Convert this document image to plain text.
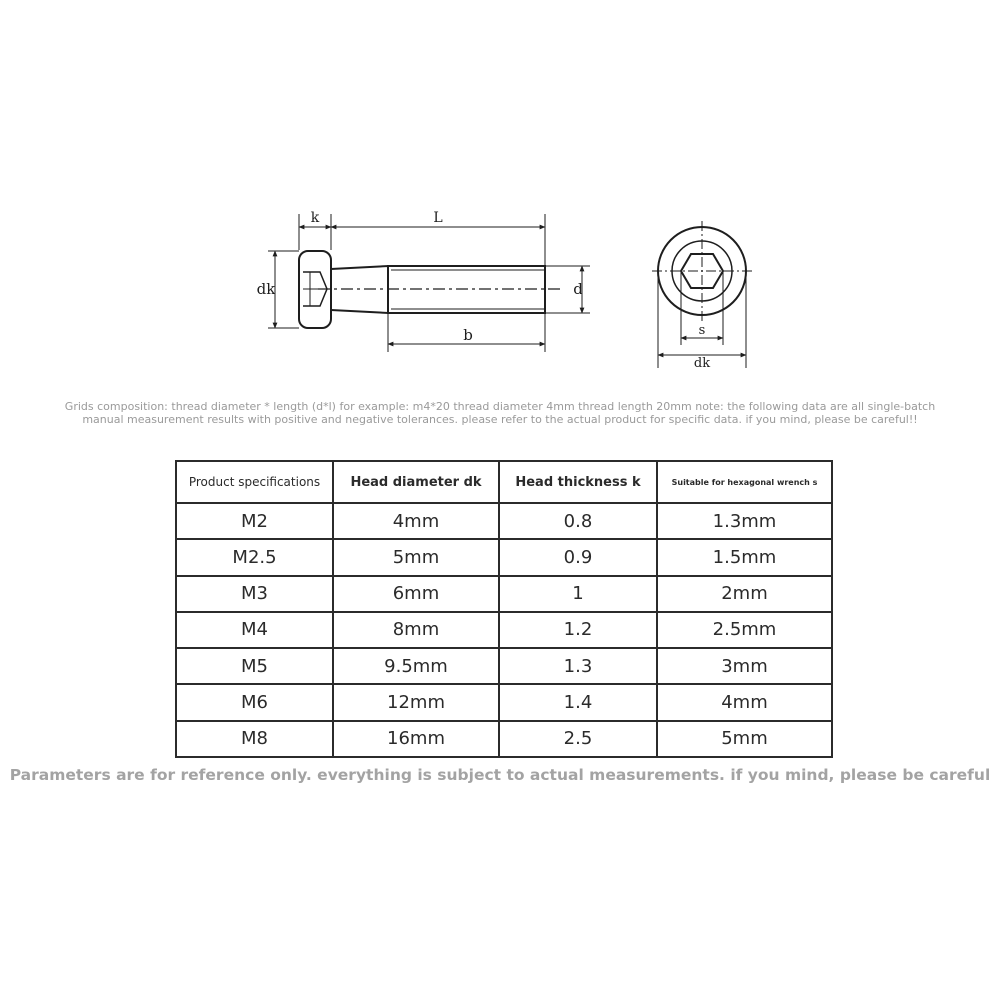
k	L
dk	d
b	s
dk
Grids composition: thread diameter * length (d*l) for example: m4*20 thread diameter 4mm thread length 20mm note: the following data are all single-batch
manual measurement results with positive and negative tolerances. please refer to the actual product for specific data. if you mind, please be careful!!
Product specifications	Head diameter dk	Head thickness k	Suitable for hexagonal wrench s
M2	4mm	0.8	1.3mm
M2.5	5mm	0.9	1.5mm
M3	6mm	1	2mm
M4	8mm	1.2	2.5mm
M5	9.5mm	1.3	3mm
M6	12mm	1.4	4mm
M8	16mm	2.5	5mm
Parameters are for reference only. everything is subject to actual measurements. if you mind, please be careful
